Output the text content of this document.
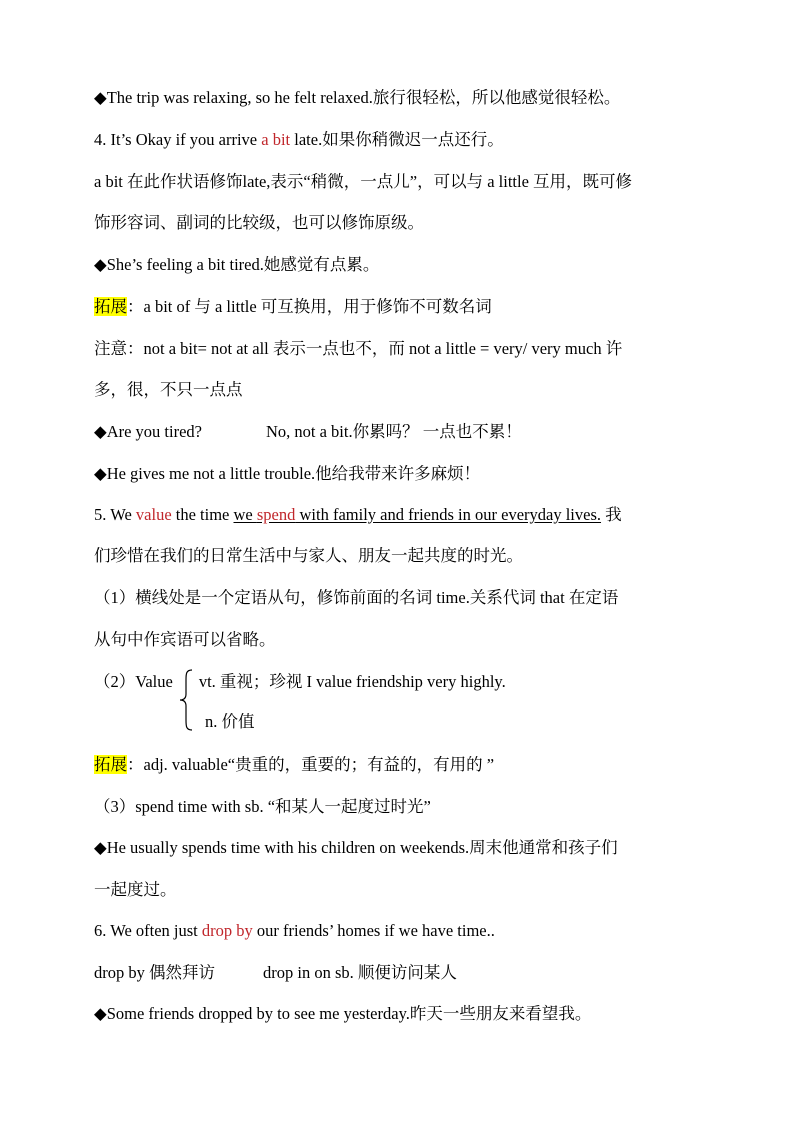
◆The trip was relaxing, so he felt relaxed.旅行很轻松，所以他感觉很轻松。
4. It’s Okay if you arrive a bit late.如果你稍微迟一点还行。
a bit 在此作状语修饰late,表示“稍微，一点儿”，可以与 a little 互用，既可修
饰形容词、副词的比较级，也可以修饰原级。
◆She’s feeling a bit tired.她感觉有点累。
拓展：a bit of 与 a little 可互换用，用于修饰不可数名词
注意：not a bit= not at all 表示一点也不，而 not a little = very/ very much 许
多，很，不只一点点
◆Are you tired?	No, not a bit.你累吗？ 一点也不累！
◆He gives me not a little trouble.他给我带来许多麻烦！
5. We value the time we spend with family and friends in our everyday lives. 我
们珍惜在我们的日常生活中与家人、朋友一起共度的时光。
（1）横线处是一个定语从句，修饰前面的名词 time.关系代词 that 在定语
从句中作宾语可以省略。
（2）Value vt. 重视；珍视 I value friendship very highly.
n. 价值
拓展：adj. valuable“贵重的，重要的；有益的，有用的 ”
（3）spend time with sb. “和某人一起度过时光”
◆He usually spends time with his children on weekends.周末他通常和孩子们
一起度过。
6. We often just drop by our friends’ homes if we have time..
drop by 偶然拜访	drop in on sb. 顺便访问某人
◆Some friends dropped by to see me yesterday.昨天一些朋友来看望我。
